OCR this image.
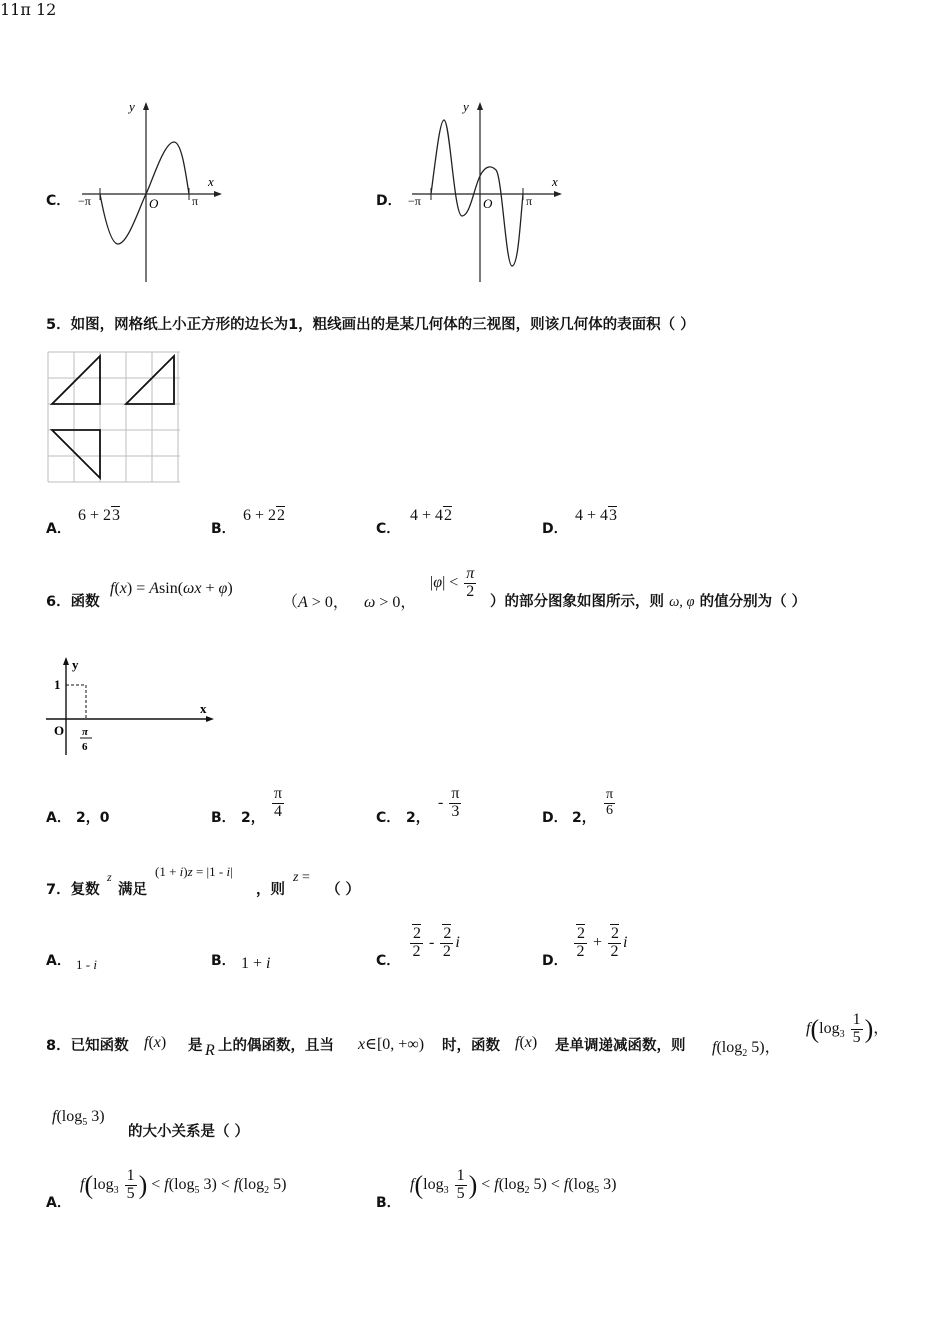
C．
y
x
O
−π	π	D．
y
x
O
−π	π
5．如图，网格纸上小正方形的边长为1，粗线画出的是某几何体的三视图，则该几何体的表面积（ ）
A．
6 + 23
B．
6 + 22
C．
4 + 42
D．
4 + 43
6．函数
f(x) = Asin(ωx + φ)
（A > 0， ω > 0，
$|\varphi| < \frac{\pi}{2}$
）的部分图象如图所示，则 ω, φ 的值分别为（ ）
y
x
1
O π
6
11π 12
A． 2，0	B． 2， $\frac{\pi}{4}$	C． 2，
- $\frac{\pi}{3}$	D． 2， $\frac{\pi}{6}$
7．复数
z
满足
(1 + i)z = |1 - i|
，则
z =
（ ）
A． 1 - i	B． 1 + i	C．
$\frac{2}{2} - \frac{2}{2}$ i
D．
$\frac{2}{2} + \frac{2}{2}$ i
8．已知函数 f(x) 是 R 上的偶函数，且当 x∈[0, +∞) 时，函数 f(x) 是单调递减函数，则 $f(\log_2$ 5)，
$f(\log_3 \frac{1}{5}$ )，
$f(\log_5$ 3)
的大小关系是（ ）
A．
$f(\log_3 \frac{1}{5}$ ) < $f(\log_5$ $3) < f(\log_2$ 5)
B．
$f(\log_3 \frac{1}{5}$ ) < $f(\log_2$ $5) < f(\log_5$ 3)
